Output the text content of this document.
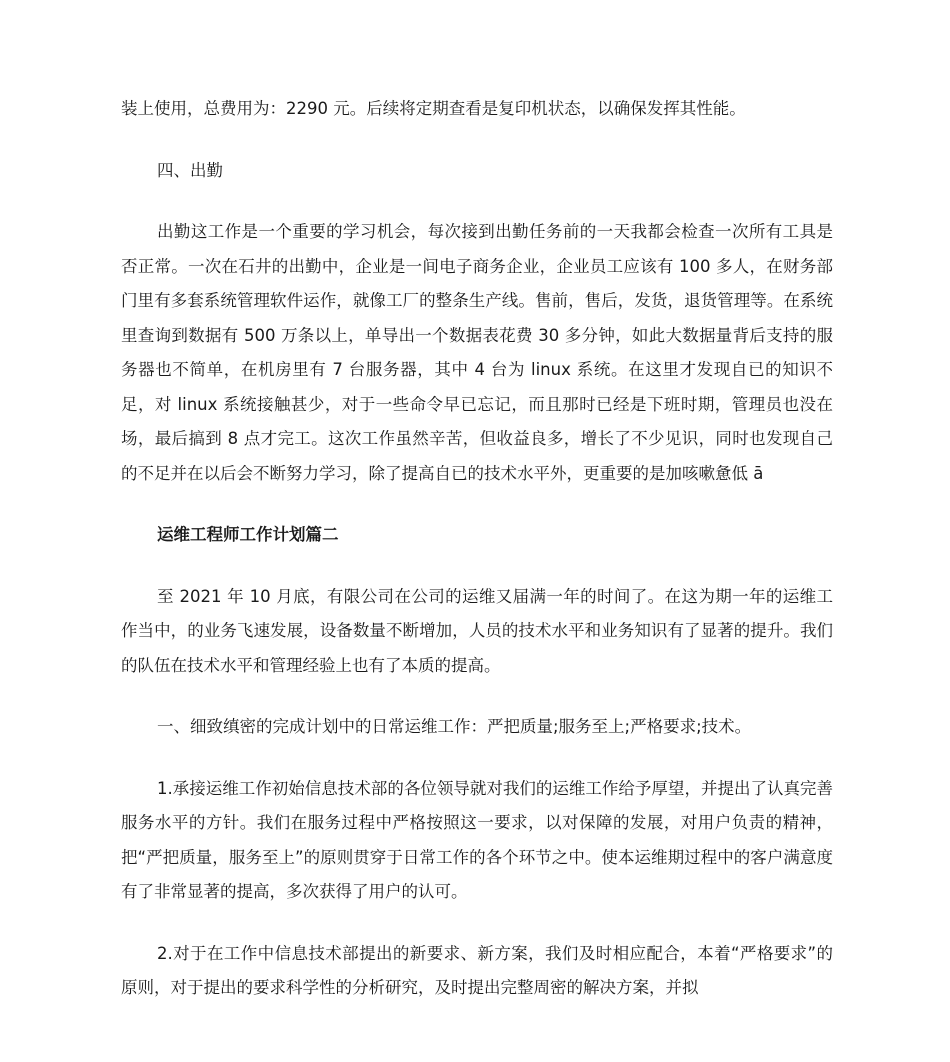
装上使用，总费用为：2290 元。后续将定期查看是复印机状态，以确保发挥其性能。

四、出勤

出勤这工作是一个重要的学习机会，每次接到出勤任务前的一天我都会检查一次所有工具是否正常。一次在石井的出勤中，企业是一间电子商务企业，企业员工应该有 100 多人，在财务部门里有多套系统管理软件运作，就像工厂的整条生产线。售前，售后，发货，退货管理等。在系统里查询到数据有 500 万条以上，单导出一个数据表花费 30 多分钟，如此大数据量背后支持的服务器也不简单，在机房里有 7 台服务器，其中 4 台为 linux 系统。在这里才发现自已的知识不足，对 linux 系统接触甚少，对于一些命令早已忘记，而且那时已经是下班时期，管理员也没在场，最后搞到 8 点才完工。这次工作虽然辛苦，但收益良多，增长了不少见识，同时也发现自己的不足并在以后会不断努力学习，除了提高自已的技术水平外，更重要的是加咳嗽惫低 ā

运维工程师工作计划篇二

至 2021 年 10 月底，有限公司在公司的运维又届满一年的时间了。在这为期一年的运维工作当中，的业务飞速发展，设备数量不断增加，人员的技术水平和业务知识有了显著的提升。我们的队伍在技术水平和管理经验上也有了本质的提高。

一、细致缜密的完成计划中的日常运维工作：严把质量;服务至上;严格要求;技术。

1.承接运维工作初始信息技术部的各位领导就对我们的运维工作给予厚望，并提出了认真完善服务水平的方针。我们在服务过程中严格按照这一要求，以对保障的发展，对用户负责的精神，把“严把质量，服务至上”的原则贯穿于日常工作的各个环节之中。使本运维期过程中的客户满意度有了非常显著的提高，多次获得了用户的认可。

2.对于在工作中信息技术部提出的新要求、新方案，我们及时相应配合，本着“严格要求”的原则，对于提出的要求科学性的分析研究，及时提出完整周密的解决方案，并拟
